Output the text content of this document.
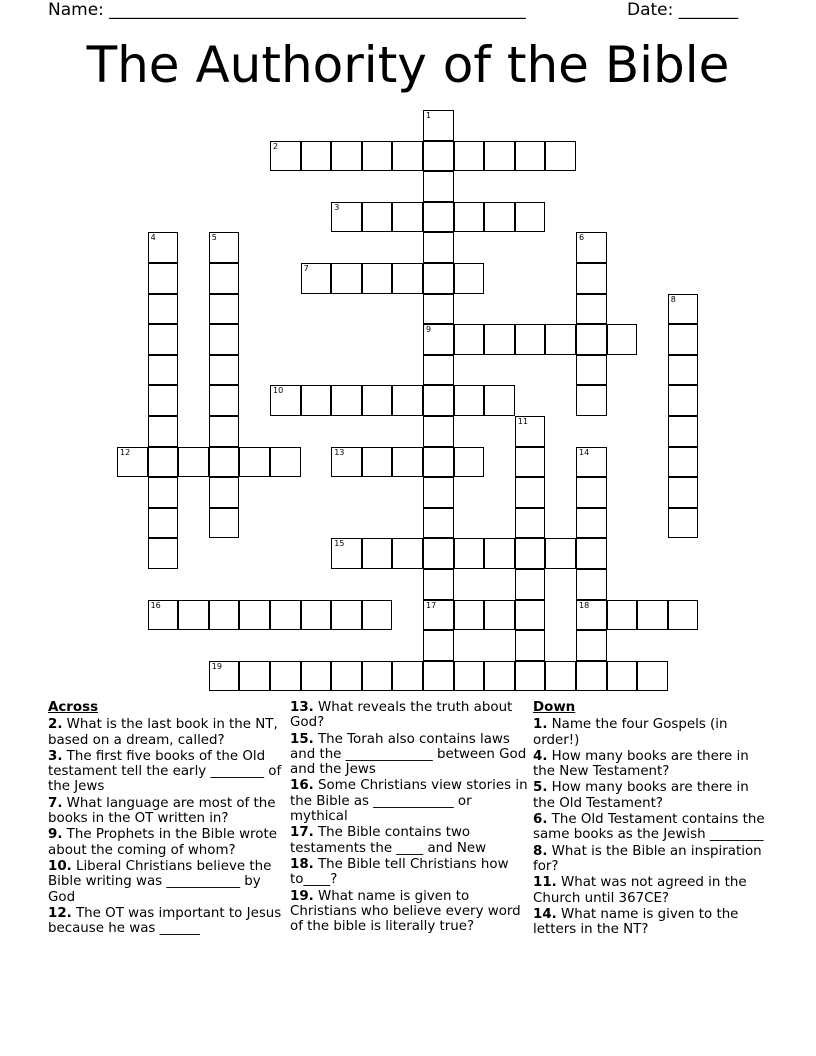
Name: _________________________________________________	Date: _______
The Authority of the Bible
1
9
17
2
3
4	5	6
7
8
10
11
12	13	14
18
15
16
19
Across
2. What is the last book in the NT, based on a dream, called?
3. The first five books of the Old testament tell the early ________ of the Jews
7. What language are most of the books in the OT written in?
9. The Prophets in the Bible wrote about the coming of whom?
10. Liberal Christians believe the Bible writing was ___________ by God
12. The OT was important to Jesus because he was ______
13. What reveals the truth about God?
15. The Torah also contains laws and the _____________ between God and the Jews
16. Some Christians view stories in the Bible as ____________ or mythical
17. The Bible contains two testaments the ____ and New
18. The Bible tell Christians how to____?
19. What name is given to Christians who believe every word of the bible is literally true?
Down
1. Name the four Gospels (in order!)
4. How many books are there in the New Testament?
5. How many books are there in the Old Testament?
6. The Old Testament contains the same books as the Jewish ________
8. What is the Bible an inspiration for?
11. What was not agreed in the Church until 367CE?
14. What name is given to the letters in the NT?
